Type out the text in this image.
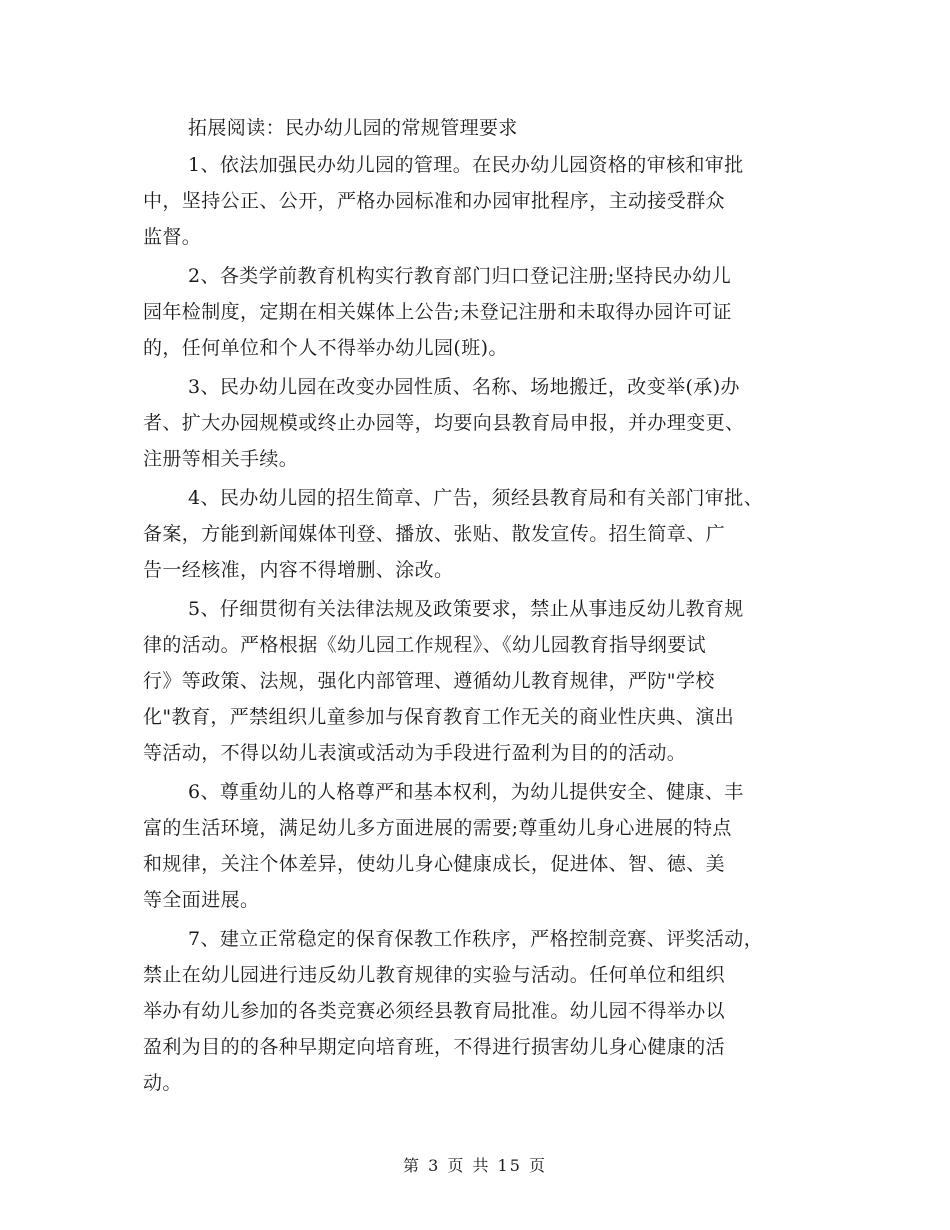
拓展阅读：民办幼儿园的常规管理要求
1、依法加强民办幼儿园的管理。在民办幼儿园资格的审核和审批
中，坚持公正、公开，严格办园标准和办园审批程序，主动接受群众
监督。
2、各类学前教育机构实行教育部门归口登记注册;坚持民办幼儿
园年检制度，定期在相关媒体上公告;未登记注册和未取得办园许可证
的，任何单位和个人不得举办幼儿园(班)。
3、民办幼儿园在改变办园性质、名称、场地搬迁，改变举(承)办
者、扩大办园规模或终止办园等，均要向县教育局申报，并办理变更、
注册等相关手续。
4、民办幼儿园的招生简章、广告，须经县教育局和有关部门审批、
备案，方能到新闻媒体刊登、播放、张贴、散发宣传。招生简章、广
告一经核准，内容不得增删、涂改。
5、仔细贯彻有关法律法规及政策要求，禁止从事违反幼儿教育规
律的活动。严格根据《幼儿园工作规程》、《幼儿园教育指导纲要试
行》等政策、法规，强化内部管理、遵循幼儿教育规律，严防"学校
化"教育，严禁组织儿童参加与保育教育工作无关的商业性庆典、演出
等活动，不得以幼儿表演或活动为手段进行盈利为目的的活动。
6、尊重幼儿的人格尊严和基本权利，为幼儿提供安全、健康、丰
富的生活环境，满足幼儿多方面进展的需要;尊重幼儿身心进展的特点
和规律，关注个体差异，使幼儿身心健康成长，促进体、智、德、美
等全面进展。
7、建立正常稳定的保育保教工作秩序，严格控制竞赛、评奖活动，
禁止在幼儿园进行违反幼儿教育规律的实验与活动。任何单位和组织
举办有幼儿参加的各类竞赛必须经县教育局批准。幼儿园不得举办以
盈利为目的的各种早期定向培育班，不得进行损害幼儿身心健康的活
动。
第 3 页 共 15 页
